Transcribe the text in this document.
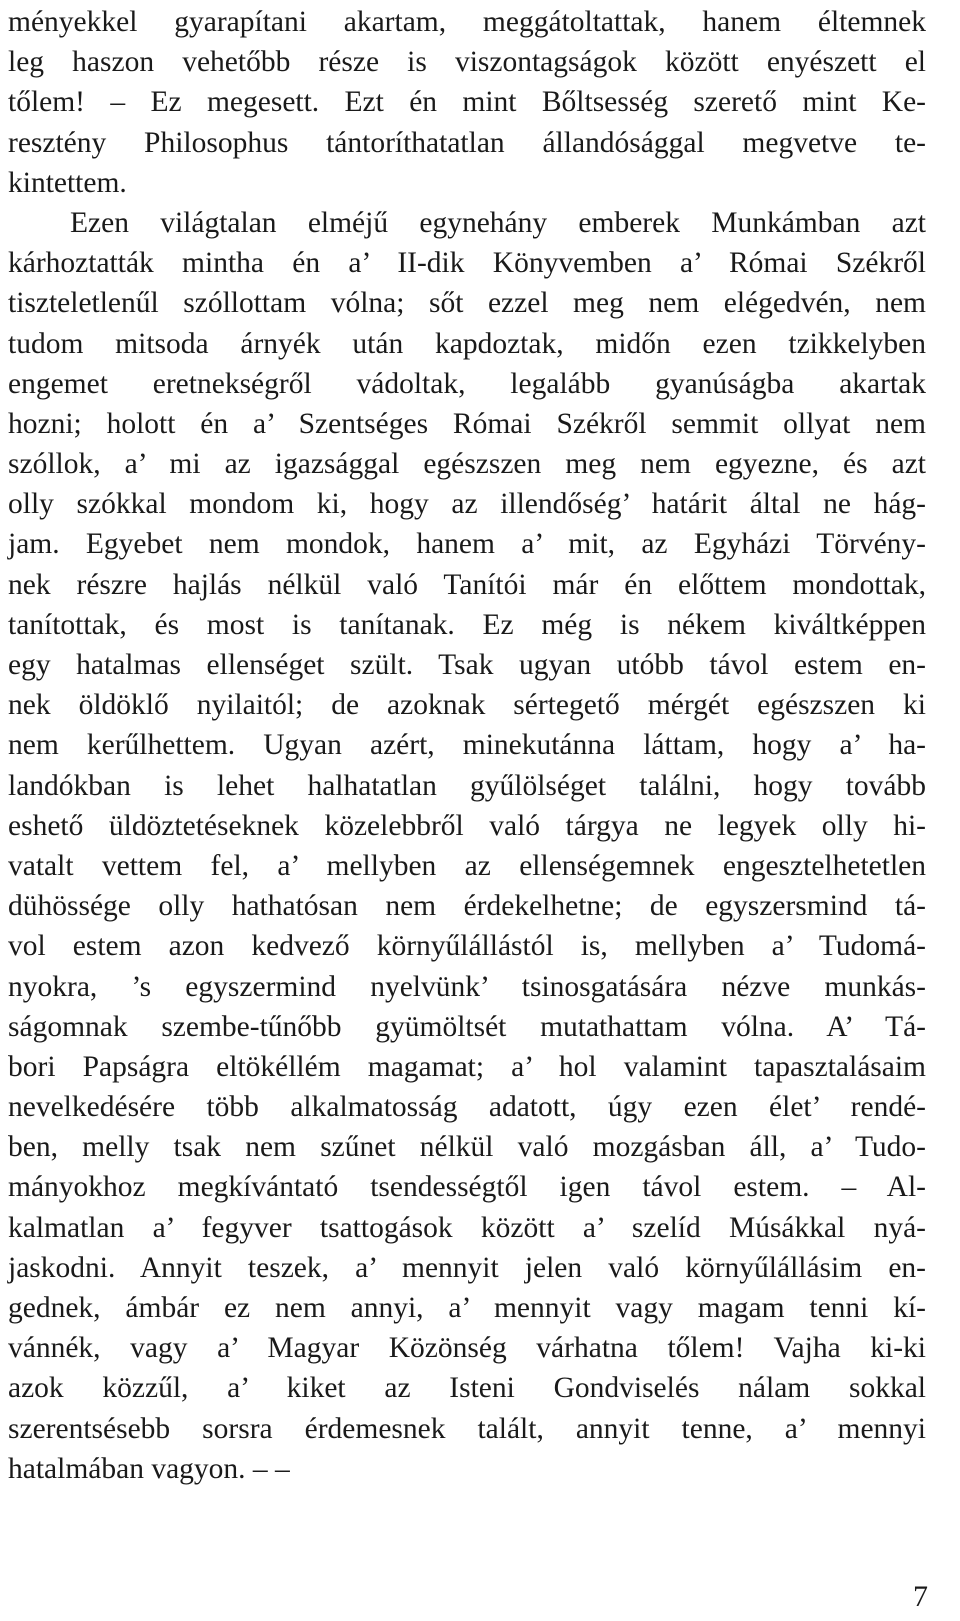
ményekkel gyarapítani akartam, meggátoltattak, hanem éltemnek
leg haszon vehetőbb része is viszontagságok között enyészett el
tőlem! – Ez megesett. Ezt én mint Bőltsesség szerető mint Ke-
resztény Philosophus tántoríthatatlan állandósággal megvetve te-
kintettem.
Ezen világtalan elméjű egynehány emberek Munkámban azt
kárhoztatták mintha én a’ II-dik Könyvemben a’ Római Székről
tiszteletlenűl szóllottam vólna; sőt ezzel meg nem elégedvén, nem
tudom mitsoda árnyék után kapdoztak, midőn ezen tzikkelyben
engemet eretnekségről vádoltak, legalább gyanúságba akartak
hozni; holott én a’ Szentséges Római Székről semmit ollyat nem
szóllok, a’ mi az igazsággal egészszen meg nem egyezne, és azt
olly szókkal mondom ki, hogy az illendőség’ határit által ne hág-
jam. Egyebet nem mondok, hanem a’ mit, az Egyházi Törvény-
nek részre hajlás nélkül való Tanítói már én előttem mondottak,
tanítottak, és most is tanítanak. Ez még is nékem kiváltképpen
egy hatalmas ellenséget szült. Tsak ugyan utóbb távol estem en-
nek öldöklő nyilaitól; de azoknak sértegető mérgét egészszen ki
nem kerűlhettem. Ugyan azért, minekutánna láttam, hogy a’ ha-
landókban is lehet halhatatlan gyűlölséget találni, hogy tovább
eshető üldöztetéseknek közelebbről való tárgya ne legyek olly hi-
vatalt vettem fel, a’ mellyben az ellenségemnek engesztelhetetlen
dühössége olly hathatósan nem érdekelhetne; de egyszersmind tá-
vol estem azon kedvező környűlállástól is, mellyben a’ Tudomá-
nyokra, ’s egyszermind nyelvünk’ tsinosgatására nézve munkás-
ságomnak szembe-tűnőbb gyümöltsét mutathattam vólna. A’ Tá-
bori Papságra eltökéllém magamat; a’ hol valamint tapasztalásaim
nevelkedésére több alkalmatosság adatott, úgy ezen élet’ rendé-
ben, melly tsak nem szűnet nélkül való mozgásban áll, a’ Tudo-
mányokhoz megkívántató tsendességtől igen távol estem. – Al-
kalmatlan a’ fegyver tsattogások között a’ szelíd Músákkal nyá-
jaskodni. Annyit teszek, a’ mennyit jelen való környűlállásim en-
gednek, ámbár ez nem annyi, a’ mennyit vagy magam tenni kí-
vánnék, vagy a’ Magyar Közönség várhatna tőlem! Vajha ki-ki
azok közzűl, a’ kiket az Isteni Gondviselés nálam sokkal
szerentsésebb sorsra érdemesnek talált, annyit tenne, a’ mennyi
hatalmában vagyon. – –
7
